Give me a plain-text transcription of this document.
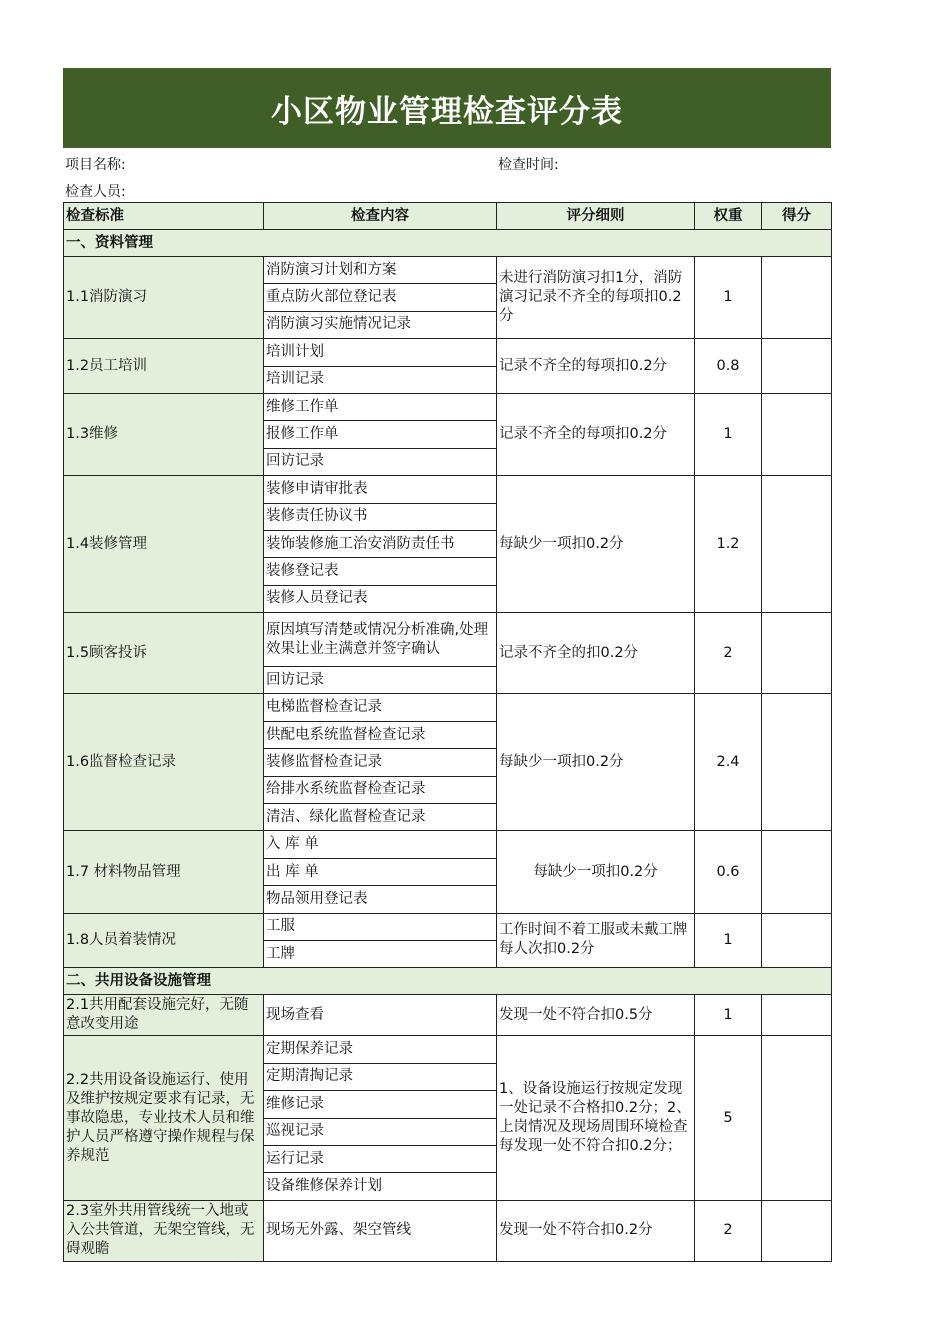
小区物业管理检查评分表
项目名称:	检查时间:
检查人员:
检查标准	检查内容	评分细则	权重	得分
一、资料管理				
1.1消防演习	消防演习计划和方案	未进行消防演习扣1分，消防演习记录不齐全的每项扣0.2分	1	
	重点防火部位登记表			
	消防演习实施情况记录			
1.2员工培训	培训计划	记录不齐全的每项扣0.2分	0.8	
	培训记录			
1.3维修	维修工作单	记录不齐全的每项扣0.2分	1	
	报修工作单			
	回访记录			
1.4装修管理	装修申请审批表	每缺少一项扣0.2分	1.2	
	装修责任协议书			
	装饰装修施工治安消防责任书			
	装修登记表			
	装修人员登记表			
1.5顾客投诉	原因填写清楚或情况分析准确,处理效果让业主满意并签字确认	记录不齐全的扣0.2分	2	
	回访记录			
1.6监督检查记录	电梯监督检查记录	每缺少一项扣0.2分	2.4	
	供配电系统监督检查记录			
	装修监督检查记录			
	给排水系统监督检查记录			
	清洁、绿化监督检查记录			
1.7 材料物品管理	入 库 单	每缺少一项扣0.2分	0.6	
	出 库 单			
	物品领用登记表			
1.8人员着装情况	工服	工作时间不着工服或未戴工牌每人次扣0.2分	1	
	工牌			
二、共用设备设施管理				
2.1共用配套设施完好，无随意改变用途	现场查看	发现一处不符合扣0.5分	1	
2.2共用设备设施运行、使用及维护按规定要求有记录，无事故隐患，专业技术人员和维护人员严格遵守操作规程与保养规范	定期保养记录	1、设备设施运行按规定发现一处记录不合格扣0.2分；2、上岗情况及现场周围环境检查每发现一处不符合扣0.2分；	5	
	定期清掏记录			
	维修记录			
	巡视记录			
	运行记录			
	设备维修保养计划			
2.3室外共用管线统一入地或入公共管道，无架空管线，无碍观瞻	现场无外露、架空管线	发现一处不符合扣0.2分	2	
